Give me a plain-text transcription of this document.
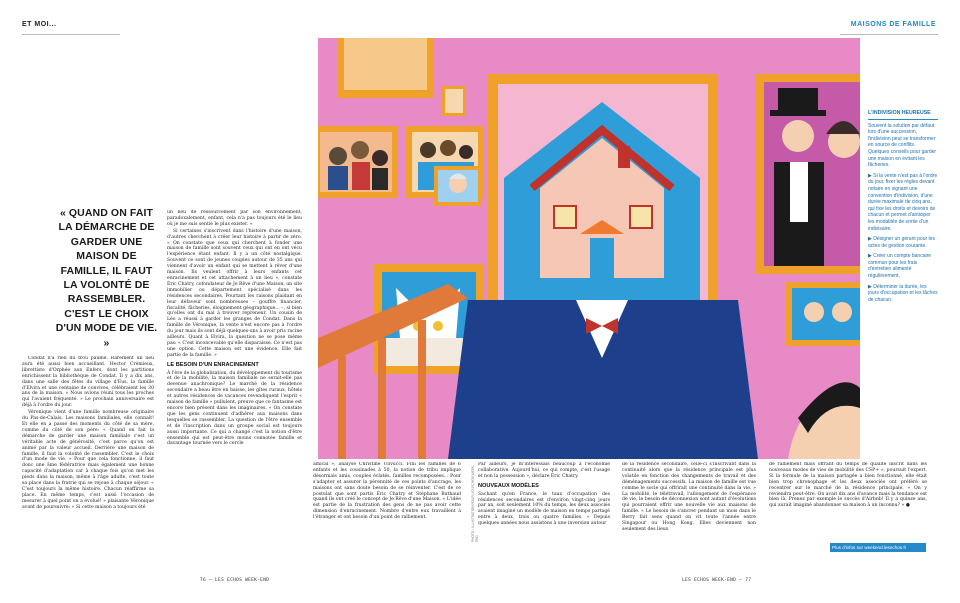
ET MOI...	MAISONS DE FAMILLE
« QUAND ON FAIT LA DÉMARCHE DE GARDER UNE MAISON DE FAMILLE, IL FAUT LA VOLONTÉ DE RASSEMBLER. C'EST LE CHOIX D'UN MODE DE VIE. »

Condat n'a rien du trou paumé. Rarement un lieu aura été aussi bien accueillant. Hector Crémieux, librettiste d'Orphée aux Enfers, dont les partitions enrichissent la bibliothèque de Condat. Il y a dix ans, dans une salle des fêtes du village d'Eus, la famille d'Elvira et une centaine de convives, célébraient les 30 ans de la maison. « Nous avions réuni tous les proches qui l'avaient fréquenté. » Le prochain anniversaire est déjà à l'ordre du jour.

Véronique vient d'une famille nombreuse originaire du Pas-de-Calais. Les maisons familiales, elle connaît! Et elle en a passé des moments du côté de sa mère, comme du côté de son père: « Quand on fait la démarche de garder une maison familiale c'est un véritable acte de générosité, c'est parce qu'on est animé par la valeur accueil. Derrière une maison de famille, il faut la volonté de rassembler. C'est le choix d'un mode de vie. » Pour que cela fonctionne, il faut donc une âme fédératrice mais également une bonne capacité d'adaptation car à chaque fois qu'on met les pieds dans la maison, même à l'âge adulte, c'est toute sa place dans la fratrie qui se rejoue à chaque séjour. « C'est toujours la même histoire. Chacun réaffirme sa place. En même temps, c'est aussi l'occasion de mesurer à quel point on a évolué! » plaisante Véronique avant de poursuivre: « Si cette maison a toujours été

un lieu de ressourcement par son environnement, paradoxalement, enfant, cela n'a pas toujours été le lieu où je me suis sentie le plus exister. »

Si certaines s'inscrivent dans l'histoire d'une maison, d'autres cherchent à créer leur histoire à partir de zéro. « On constate que ceux qui cherchent à fonder une maison de famille sont souvent ceux qui ont en ont vécu l'expérience étant enfant. Il y a un côté nostalgique. Souvent ce sont de jeunes couples autour de 35 ans qui viennent d'avoir un enfant qui se mettent à rêver d'une maison. Ils veulent offrir à leurs enfants cet enracinement et cet attachement à un lieu », constate Éric Chatry, cofondateur de Je Rêve d'une Maison, un site immobilier ou département spécialisé dans les résidences secondaires. Pourtant les raisons plaidant en leur défaveur sont nombreuses – gouffre financier, fiscalité, fâcheries, éloignement géographique... –, si bien qu'elles ont du mal à trouver repreneur. Un cousin de Léo a réussi à garder les granges de Condat. Dans la famille de Véronique, la vente n'est encore pas à l'ordre du jour mais ils sont déjà quelques-uns à avoir pris racine ailleurs. Quant à Elvira, la question ne se pose même pas: « C'est inconcevable qu'elle disparaisse. Ce n'est pas une option. Cette maison est une évidence. Elle fait partie de la famille. »

LE BESOIN D'UN ENRACINEMENT

À l'ère de la globalisation, du développement du tourisme et de la mobilité, la maison familiale ne serait-elle pas devenue anachronique? Le marché de la résidence secondaire a beau être en baisse, les gîtes ruraux, hôtels et autres résidences de vacances revendiquent l'esprit « maison de famille » pullulent, preuve que ce fantasme est encore bien présent dans les imaginaires. « On constate que les gens continuent d'adhérer aux maisons dans lesquelles se rassembler. La question de l'être ensemble et de l'inscription dans un groupe social est toujours aussi importante. Ce qui a changé c'est la notion d'être ensemble qui est peut-être moins connotée famille et davantage tournée vers le cercle

L'INDIVISION HEUREUSE

Souvent la solution par défaut lors d'une succession, l'indivision peut se transformer en source de conflits. Quelques conseils pour garder une maison en évitant les fâcheries.

▶ Si la vente n'est pas à l'ordre du jour, fixer les règles devant notaire en signant une convention d'indivision, d'une durée maximale de cinq ans, qui fixe les droits et devoirs de chacun et permet d'anticiper les modalités de sortie d'un indivisaire.

▶ Désigner un gérant pour les actes de gestion courante.

▶ Créer un compte bancaire commun pour les frais d'entretien alimenté régulièrement.

▶ Déterminer la durée, les jours d'occupation et les tâches de chacun.

PHOTO : ILLUSTRATION POUR LES ECHOS WEEK-END

amical », analyse Christine Ulivucci. Fini les familles de 6 enfants et les cousinades à 50, la notion de tribu implique désormais amis, couples éclatés, familles recomposées... Pour s'adapter et assurer la pérennité de ces points d'ancrage, les maisons ont sans doute besoin de se réinventer. C'est de ce postulat que sont partis Éric Chatry et Stéphane Buthaud quand ils ont créé le concept de Je Rêve d'une Maison. « L'idée est partie de la frustration des gens de ne pas avoir cette dimension d'enracinement. Nombre d'entre eux travaillent à l'étranger et ont besoin d'un point de ralliement.

Par ailleurs, je m'intéressais beaucoup à l'économie collaborative. Aujourd'hui, ce qui compte, c'est l'usage et non la possession », déclare Éric Chatry.

NOUVEAUX MODÈLES

Sachant qu'en France, le taux d'occupation des résidences secondaires est d'environ vingt-cinq jours par an, soit seulement 10% du temps, les deux associés avaient imaginé un modèle de maison en temps partagé entre à deux, trois ou quatre familles. « Depuis quelques années nous assistons à une inversion autour

de la résidence secondaire, celle-ci s'inscrivant dans la continuité alors que la résidence principale est plus volatile en fonction des changements de travail et des déménagements successifs. La maison de famille est vue comme le socle qui offrirait une continuité dans la vie. » La mobilité, le télétravail, l'allongement de l'espérance de vie, le besoin de déconnexion sont autant d'évolutions qui pourraient offrir une nouvelle vie aux maisons de famille. « Le besoin de s'ancrer pendant un mois dans le Berry fait sens quand on vit toute l'année entre Singapour ou Hong Kong. Elles deviennent non seulement des lieux

de ralliement mais offrant du temps de qualité inscrit dans les nouveaux modes de vies de mobilité des CSP+ », poursuit l'expert. Si la formule de la maison partagée a bien fonctionné, elle était bien trop chronophage et les deux associés ont préféré se recentrer sur le marché de la résidence principale. « On y reviendra peut-être. On avait dix ans d'avance mais la tendance est bien là. Prenez par exemple le succès d'Airbnb! Il y a quinze ans, qui aurait imaginé abandonner sa maison à un inconnu? » ●

Plus d'infos sur weekend.lesechos.fr
76 — LES ECHOS WEEK-END	LES ECHOS WEEK-END — 77
